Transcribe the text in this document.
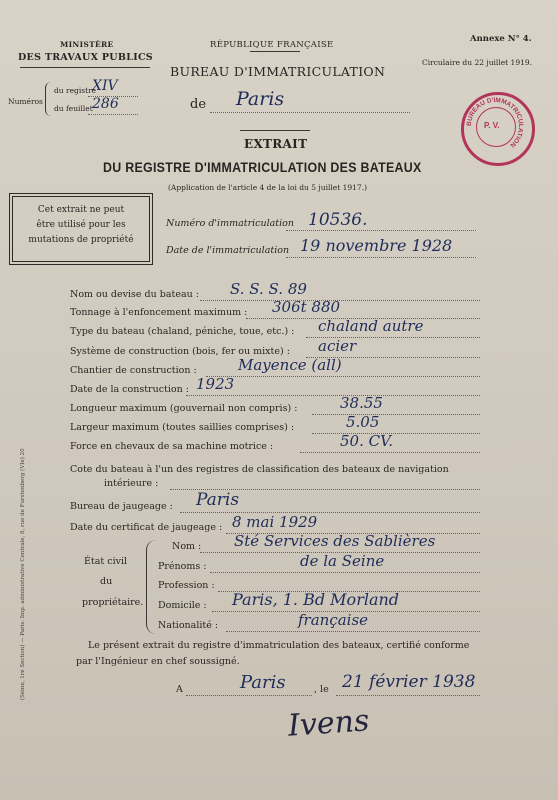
MINISTÈRE
DES TRAVAUX PUBLICS
Numéros
du registre
XIV
du feuillet 286
RÉPUBLIQUE FRANÇAISE
BUREAU D'IMMATRICULATION
de Paris
Annexe N° 4.
Circulaire du 22 juillet 1919.
BUREAU D'IMMATRICULATION
P. V.
EXTRAIT
DU REGISTRE D'IMMATRICULATION DES BATEAUX
(Application de l'article 4 de la loi du 5 juillet 1917.)
Cet extrait ne peut
être utilisé pour les
mutations de propriété
Numéro d'immatriculation 10536.
Date de l'immatriculation 19 novembre 1928
Nom ou devise du bateau : S. S. S. 89
Tonnage à l'enfoncement maximum : 306t 880
Type du bateau (chaland, péniche, toue, etc.) : chaland autre
Système de construction (bois, fer ou mixte) : acier
Chantier de construction :	Mayence (all)
Date de la construction : 1923
Longueur maximum (gouvernail non compris) :	38.55
Largeur maximum (toutes saillies comprises) :	5.05
Force en chevaux de sa machine motrice :	50. CV.
Cote du bateau à l'un des registres de classification des bateaux de navigation
intérieure :
Bureau de jaugeage : Paris
Date du certificat de jaugeage : 8 mai 1929
État civil
du
propriétaire.
Nom : Sté Services des Sablières
Prénoms :	de la Seine
Profession :
Domicile : Paris, 1. Bd Morland
Nationalité :	française
Le présent extrait du registre d'immatriculation des bateaux, certifié conforme
par l'Ingénieur en chef soussigné.
A	Paris	, le 21 février 1938
Ivens
(Seine, 1re Section) — Paris. Imp. administrative Centrale, 8, rue de Furstenberg (VIe) 20
